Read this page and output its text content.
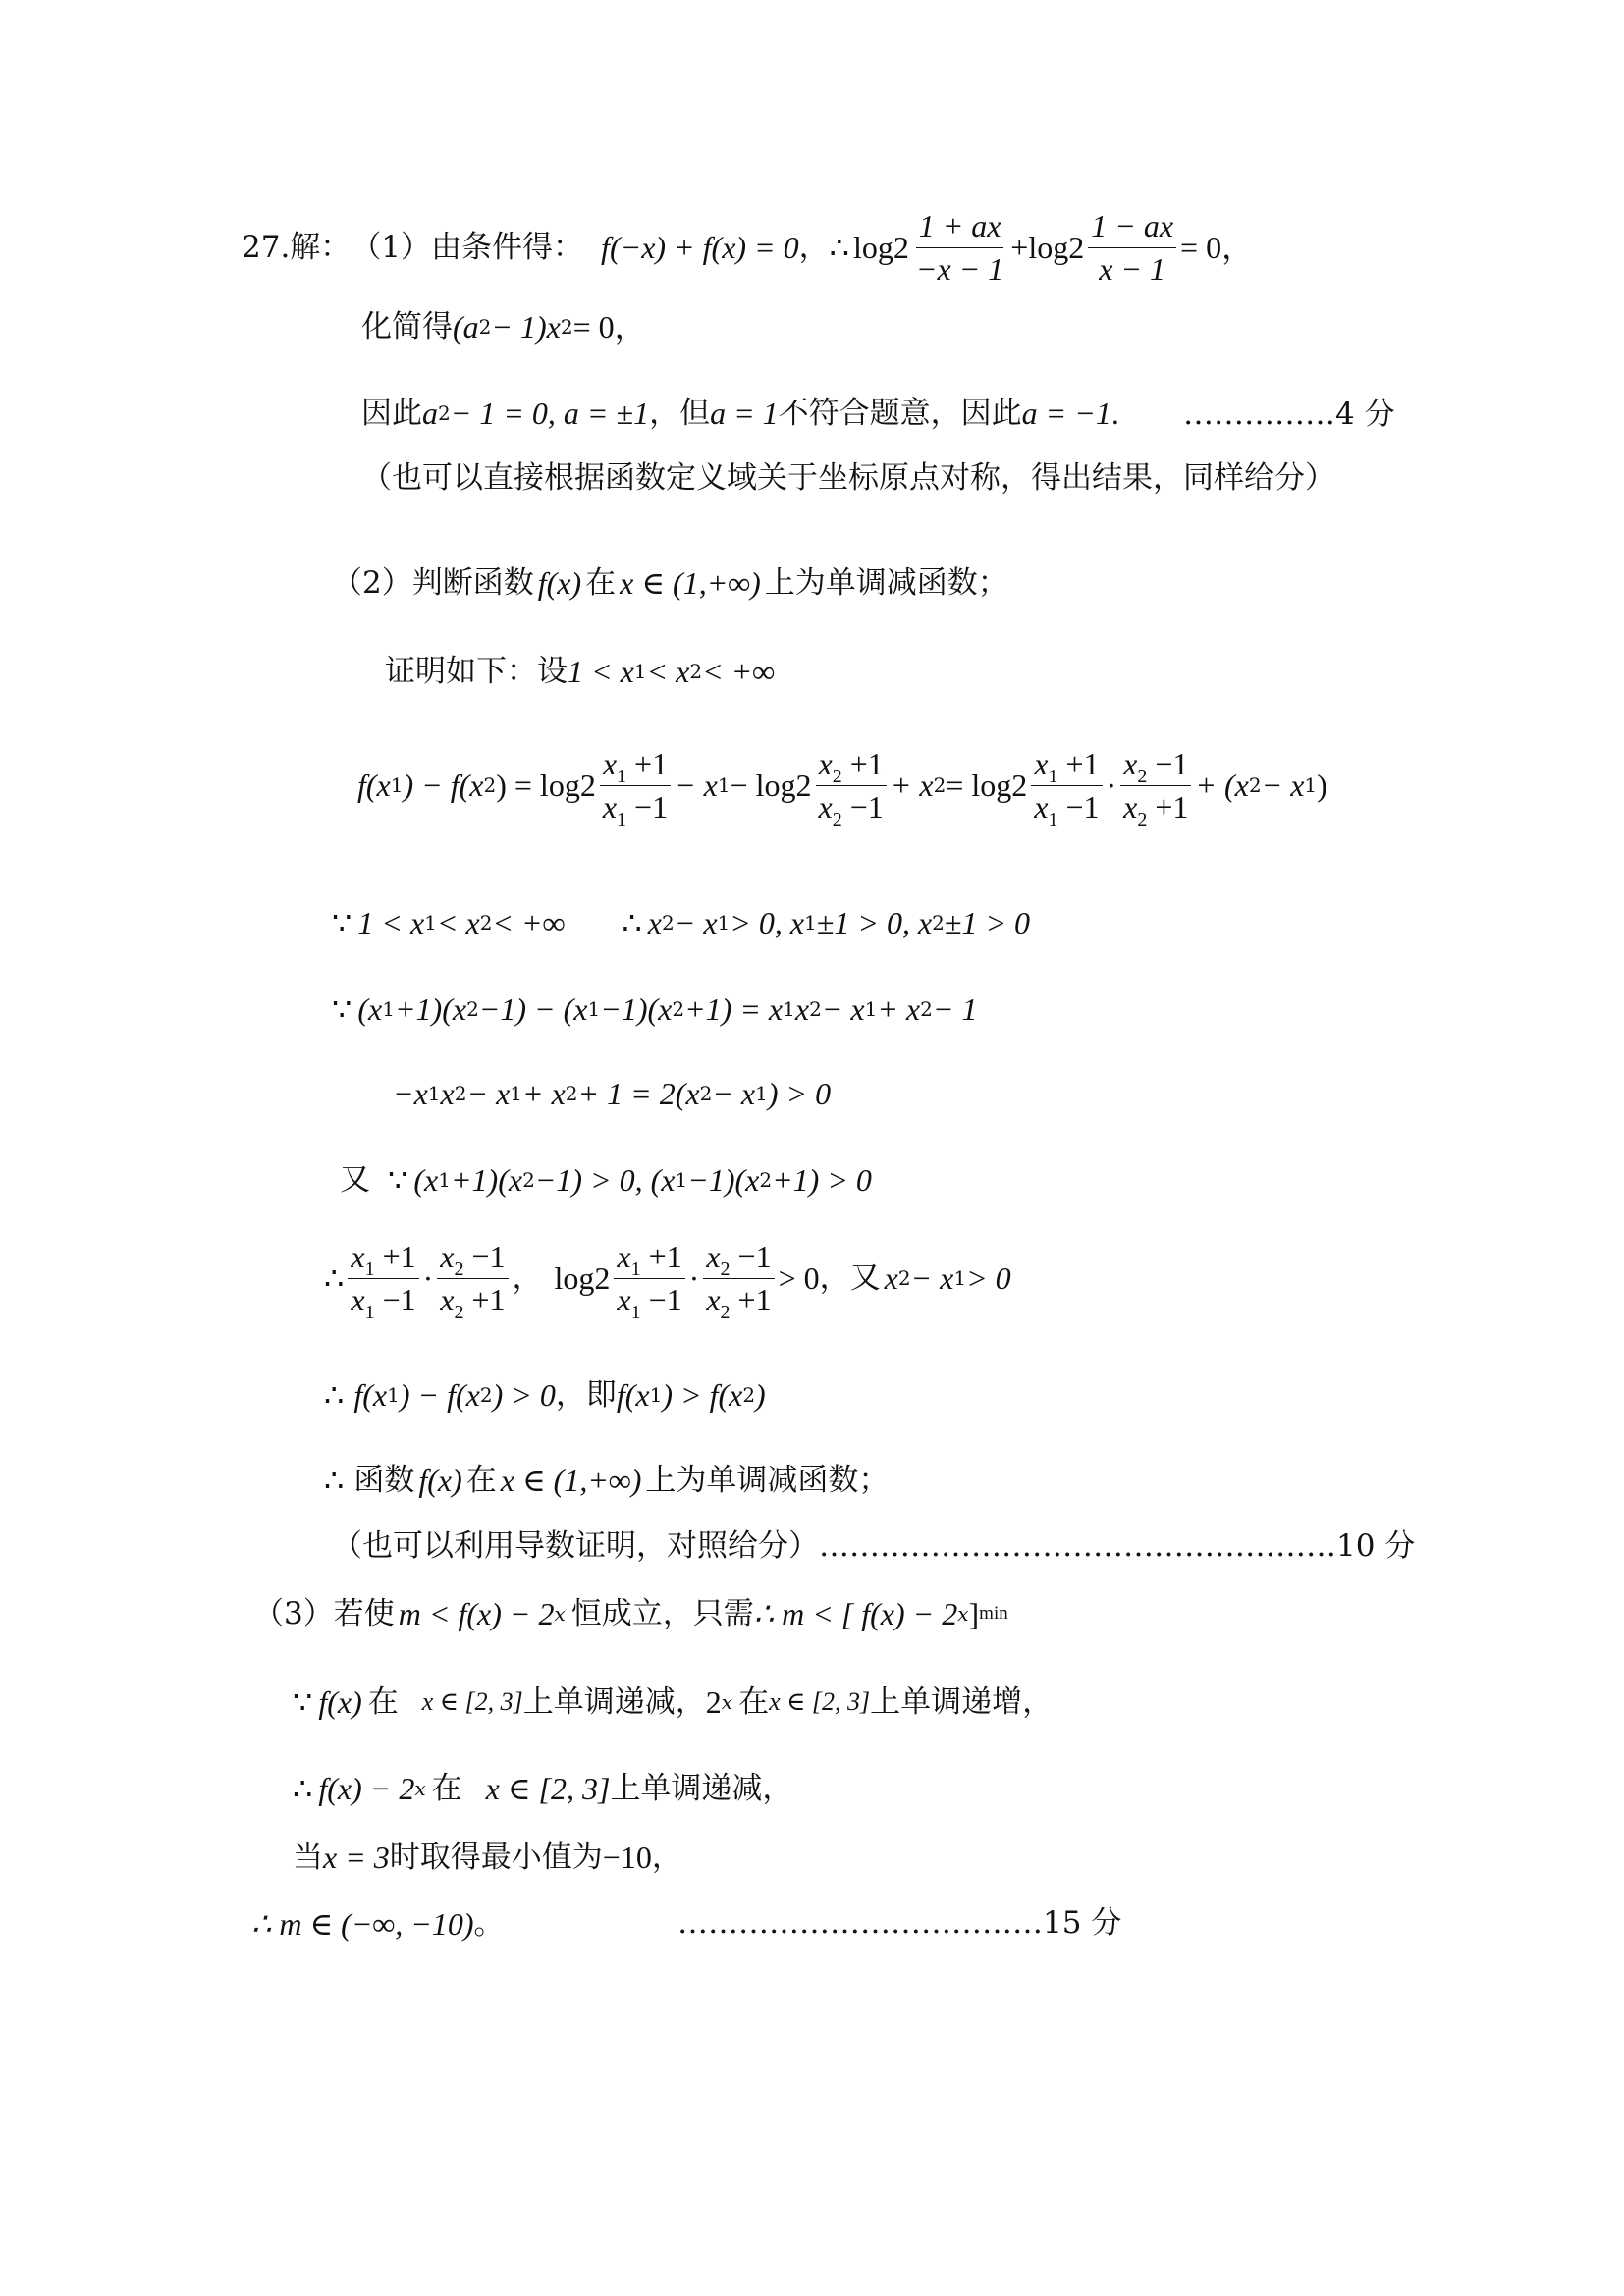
27.解： （1） 由条件得： f(−x) + f(x) = 0 ， ∴ $\log 2 \frac{1 + ax}{-x - 1} + \log 2 \frac{1 - ax}{x - 1} = 0$，
化简得 (a 2 − 1)x 2 = 0，
因此 a 2 − 1 = 0, a = ±1 ，但 a = 1 不符合题意，因此 a = −1 . ……………4 分
（也可以直接根据函数定义域关于坐标原点对称，得出结果，同样给分）
（2）判断函数 f(x) 在 x ∈ (1,+∞) 上为单调减函数；
证明如下：设 1 < x 1 < x 2 < +∞
f(x 1 ) − f(x 2 ) = $\log 2 \frac{x_1 +1}{x_1 -1} - x$ $1 - \log 2 \frac{x_2 +1}{x_2 -1} + x$ $2 = \log 2 \frac{x_1 +1}{x_1 -1} \cdot \frac{x_2 -1}{x_2 +1} + (x$ 2 − x 1 )
∵ 1 < x 1 < x 2 < +∞ ∴ x 2 − x 1 > 0, x 1 ±1 > 0, x 2 ±1 > 0
∵ (x 1 +1)(x 2 −1) − (x 1 −1)(x 2 +1) = x 1 x 2 − x 1 + x 2 − 1
−x 1 x 2 − x 1 + x 2 + 1 = 2(x 2 − x 1 ) > 0
又 ∵ (x 1 +1)(x 2 −1) > 0, (x 1 −1)(x 2 +1) > 0
∴ $\frac{x_1 +1}{x_1 -1} \cdot \frac{x_2 -1}{x_2 +1}$ ， $\log 2 \frac{x_1 +1}{x_1 -1} \cdot \frac{x_2 -1}{x_2 +1} > 0$ ，又 x 2 − x 1 > 0
∴ f(x 1 ) − f(x 2 ) > 0 ，即 f(x 1 ) > f(x 2 )
∴ 函数 f(x) 在 x ∈ (1,+∞) 上为单调减函数；
（也可以利用导数证明，对照给分） ……………………………………………10 分
（3）若使 m < f(x) − 2 x 恒成立，只需 ∴ m < [ f(x) − 2 x ] min
∵ f(x) 在 x ∈ [2, 3] 上单调递减， 2 x 在 x ∈ [2, 3] 上单调递增，
∴ f(x) − 2 x 在 x ∈ [2, 3] 上单调递减，
当 x = 3 时取得最小值为 −10 ，
∴ m ∈ (−∞, −10) 。	………………………………15 分
